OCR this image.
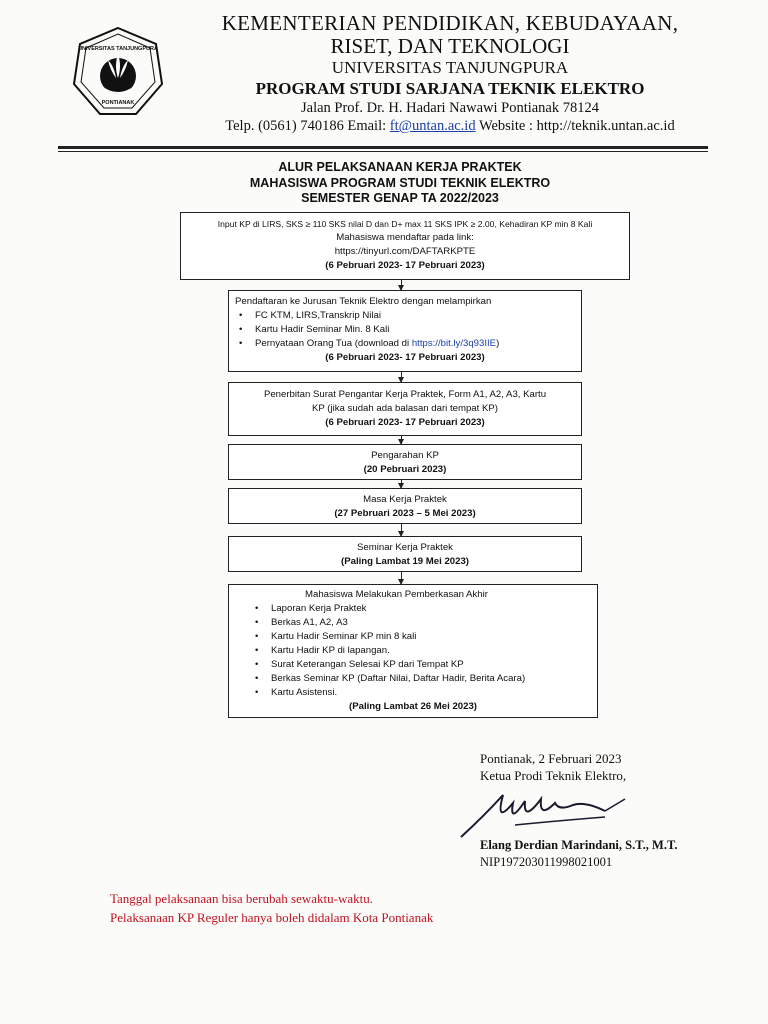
UNIVERSITAS TANJUNGPURA
PONTIANAK
KEMENTERIAN PENDIDIKAN, KEBUDAYAAN,
RISET, DAN TEKNOLOGI
UNIVERSITAS TANJUNGPURA
PROGRAM STUDI SARJANA TEKNIK ELEKTRO
Jalan Prof. Dr. H. Hadari Nawawi Pontianak 78124
Telp. (0561) 740186 Email: ft@untan.ac.id Website : http://teknik.untan.ac.id
ALUR PELAKSANAAN KERJA PRAKTEK
MAHASISWA PROGRAM STUDI TEKNIK ELEKTRO
SEMESTER GENAP TA 2022/2023
Input KP di LIRS, SKS ≥ 110 SKS nilai D dan D+ max 11 SKS IPK ≥ 2.00, Kehadiran KP min 8 Kali
Mahasiswa mendaftar pada link:
https://tinyurl.com/DAFTARKPTE
(6 Pebruari 2023- 17 Pebruari 2023)
Pendaftaran ke Jurusan Teknik Elektro dengan melampirkan
• FC KTM, LIRS,Transkrip Nilai
• Kartu Hadir Seminar Min. 8 Kali
• Pernyataan Orang Tua (download di https://bit.ly/3q93IIE)
(6 Pebruari 2023- 17 Pebruari 2023)
Penerbitan Surat Pengantar Kerja Praktek, Form A1, A2, A3, Kartu
KP (jika sudah ada balasan dari tempat KP)
(6 Pebruari 2023- 17 Pebruari 2023)
Pengarahan KP
(20 Pebruari 2023)
Masa Kerja Praktek
(27 Pebruari 2023 – 5 Mei 2023)
Seminar Kerja Praktek
(Paling Lambat 19 Mei 2023)
Mahasiswa Melakukan Pemberkasan Akhir
• Laporan Kerja Praktek
• Berkas A1, A2, A3
• Kartu Hadir Seminar KP min 8 kali
• Kartu Hadir KP di lapangan.
• Surat Keterangan Selesai KP dari Tempat KP
• Berkas Seminar KP (Daftar Nilai, Daftar Hadir, Berita Acara)
• Kartu Asistensi.
(Paling Lambat 26 Mei 2023)
Pontianak, 2 Februari 2023
Ketua Prodi Teknik Elektro,
Elang Derdian Marindani, S.T., M.T.
NIP197203011998021001
Tanggal pelaksanaan bisa berubah sewaktu-waktu.
Pelaksanaan KP Reguler hanya boleh didalam Kota Pontianak
